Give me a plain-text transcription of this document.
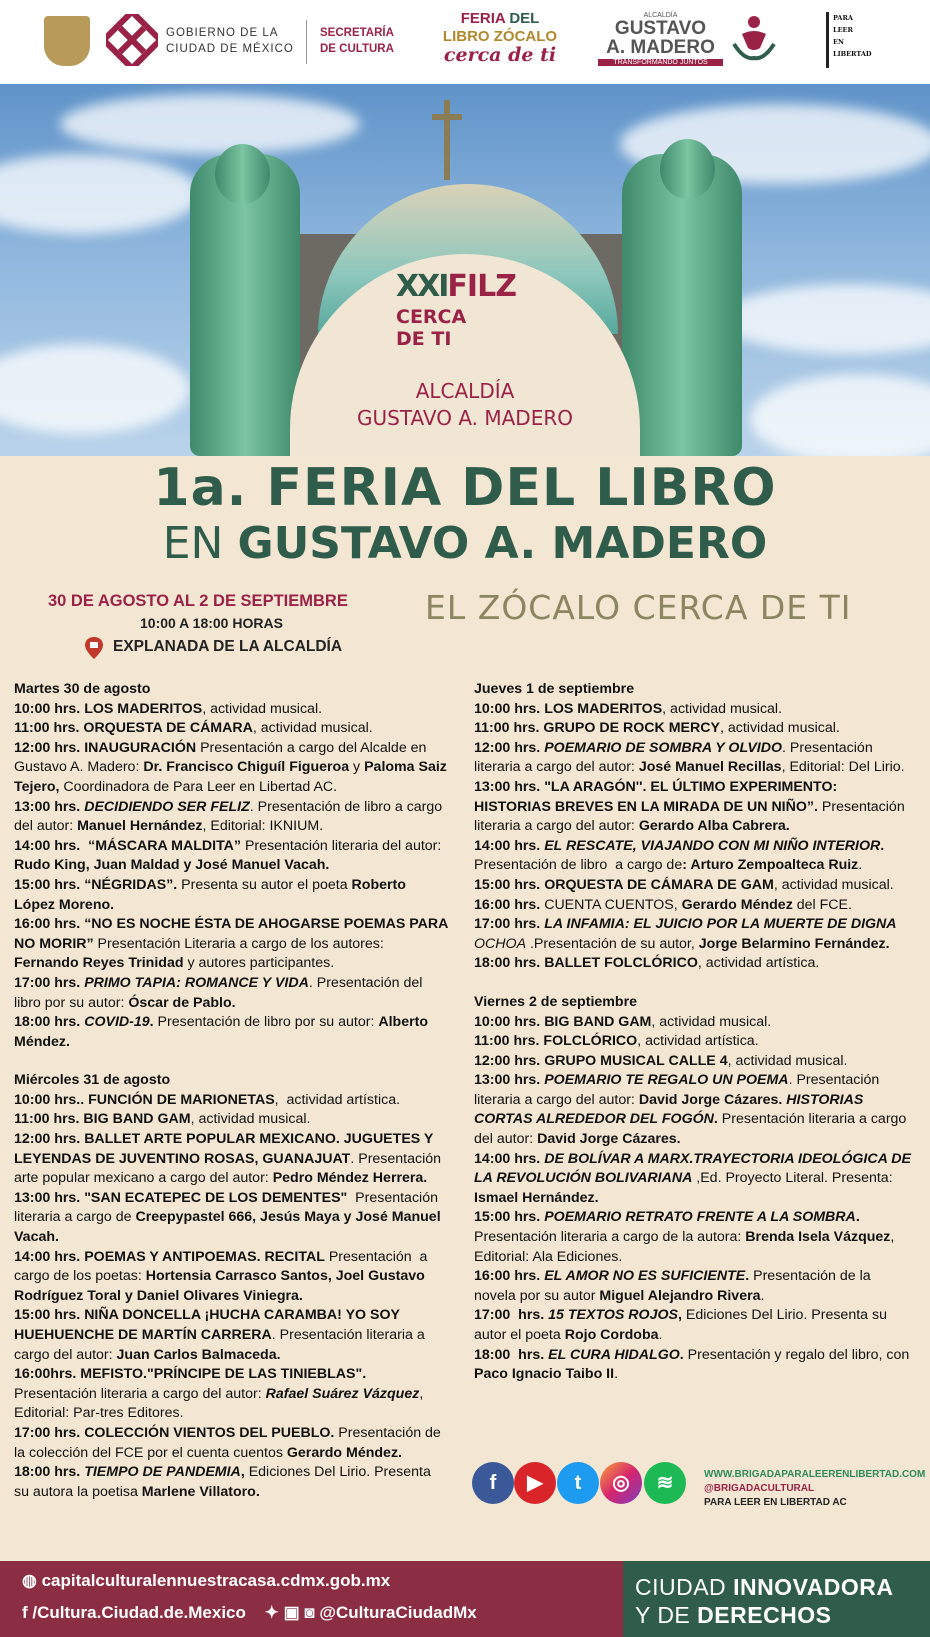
GOBIERNO DE LA
CIUDAD DE MÉXICO
SECRETARÍA
DE CULTURA
FERIA DEL
LIBRO ZÓCALO
cerca de ti
ALCALDÍA
GUSTAVO
A. MADERO
TRANSFORMANDO JUNTOS
PARA
LEER
EN
LIBERTAD
XXIFILZ
CERCA
DE TI
ALCALDÍA
GUSTAVO A. MADERO
1a. FERIA DEL LIBRO
EN GUSTAVO A. MADERO
30 DE AGOSTO AL 2 DE SEPTIEMBRE
10:00 A 18:00 HORAS
EXPLANADA DE LA ALCALDÍA
EL ZÓCALO CERCA DE TI

Martes 30 de agosto

10:00 hrs. LOS MADERITOS, actividad musical.

11:00 hrs. ORQUESTA DE CÁMARA, actividad musical.

12:00 hrs. INAUGURACIÓN Presentación a cargo del Alcalde en Gustavo A. Madero: Dr. Francisco Chiguíl Figueroa y Paloma Saiz Tejero, Coordinadora de Para Leer en Libertad AC.

13:00 hrs. DECIDIENDO SER FELIZ. Presentación de libro a cargo del autor: Manuel Hernández, Editorial: IKNIUM.

14:00 hrs.  “MÁSCARA MALDITA” Presentación literaria del autor: Rudo King, Juan Maldad y José Manuel Vacah.

15:00 hrs. “NÉGRIDAS”. Presenta su autor el poeta Roberto López Moreno.

16:00 hrs. “NO ES NOCHE ÉSTA DE AHOGARSE POEMAS PARA NO MORIR” Presentación Literaria a cargo de los autores: Fernando Reyes Trinidad y autores participantes.

17:00 hrs. PRIMO TAPIA: ROMANCE Y VIDA. Presentación del libro por su autor: Óscar de Pablo.

18:00 hrs. COVID-19. Presentación de libro por su autor: Alberto Méndez.

Miércoles 31 de agosto

10:00 hrs.. FUNCIÓN DE MARIONETAS,  actividad artística.

11:00 hrs. BIG BAND GAM, actividad musical.

12:00 hrs. BALLET ARTE POPULAR MEXICANO. JUGUETES Y LEYENDAS DE JUVENTINO ROSAS, GUANAJUAT. Presentación arte popular mexicano a cargo del autor: Pedro Méndez Herrera.

13:00 hrs. "SAN ECATEPEC DE LOS DEMENTES"  Presentación literaria a cargo de Creepypastel 666, Jesús Maya y José Manuel Vacah.

14:00 hrs. POEMAS Y ANTIPOEMAS. RECITAL Presentación  a cargo de los poetas: Hortensia Carrasco Santos, Joel Gustavo Rodríguez Toral y Daniel Olivares Viniegra.

15:00 hrs. NIÑA DONCELLA ¡HUCHA CARAMBA! YO SOY HUEHUENCHE DE MARTÍN CARRERA. Presentación literaria a cargo del autor: Juan Carlos Balmaceda.

16:00hrs. MEFISTO."PRÍNCIPE DE LAS TINIEBLAS".  Presentación literaria a cargo del autor: Rafael Suárez Vázquez, Editorial: Par-tres Editores.

17:00 hrs. COLECCIÓN VIENTOS DEL PUEBLO. Presentación de la colección del FCE por el cuenta cuentos Gerardo Méndez.

18:00 hrs. TIEMPO DE PANDEMIA, Ediciones Del Lirio. Presenta su autora la poetisa Marlene Villatoro.

Jueves 1 de septiembre

10:00 hrs. LOS MADERITOS, actividad musical.

11:00 hrs. GRUPO DE ROCK MERCY, actividad musical.

12:00 hrs. POEMARIO DE SOMBRA Y OLVIDO. Presentación literaria a cargo del autor: José Manuel Recillas, Editorial: Del Lirio.

13:00 hrs. "LA ARAGÓN''. EL ÚLTIMO EXPERIMENTO: HISTORIAS BREVES EN LA MIRADA DE UN NIÑO”. Presentación literaria a cargo del autor: Gerardo Alba Cabrera.

14:00 hrs. EL RESCATE, VIAJANDO CON MI NIÑO INTERIOR. Presentación de libro  a cargo de: Arturo Zempoalteca Ruiz.

15:00 hrs. ORQUESTA DE CÁMARA DE GAM, actividad musical.

16:00 hrs. CUENTA CUENTOS, Gerardo Méndez del FCE.

17:00 hrs. LA INFAMIA: EL JUICIO POR LA MUERTE DE DIGNA OCHOA .Presentación de su autor, Jorge Belarmino Fernández.

18:00 hrs. BALLET FOLCLÓRICO, actividad artística.

Viernes 2 de septiembre

10:00 hrs. BIG BAND GAM, actividad musical.

11:00 hrs. FOLCLÓRICO, actividad artística.

12:00 hrs. GRUPO MUSICAL CALLE 4, actividad musical.

13:00 hrs. POEMARIO TE REGALO UN POEMA. Presentación literaria a cargo del autor: David Jorge Cázares. HISTORIAS CORTAS ALREDEDOR DEL FOGÓN. Presentación literaria a cargo del autor: David Jorge Cázares.

14:00 hrs. DE BOLÍVAR A MARX.TRAYECTORIA IDEOLÓGICA DE LA REVOLUCIÓN BOLIVARIANA ,Ed. Proyecto Literal. Presenta: Ismael Hernández.

15:00 hrs. POEMARIO RETRATO FRENTE A LA SOMBRA. Presentación literaria a cargo de la autora: Brenda Isela Vázquez, Editorial: Ala Ediciones.

16:00 hrs. EL AMOR NO ES SUFICIENTE. Presentación de la novela por su autor Miguel Alejandro Rivera.

17:00  hrs. 15 TEXTOS ROJOS, Ediciones Del Lirio. Presenta su autor el poeta Rojo Cordoba.

18:00  hrs. EL CURA HIDALGO. Presentación y regalo del libro, con Paco Ignacio Taibo II.

f	▶	t	◎	≋	WWW.BRIGADAPARALEERENLIBERTAD.COM
@BRIGADACULTURAL
PARA LEER EN LIBERTAD AC
◍ capitalculturalennuestracasa.cdmx.gob.mx
f /Cultura.Ciudad.de.Mexico ✦ ▣ ◙ @CulturaCiudadMx
CIUDAD INNOVADORA
Y DE DERECHOS
